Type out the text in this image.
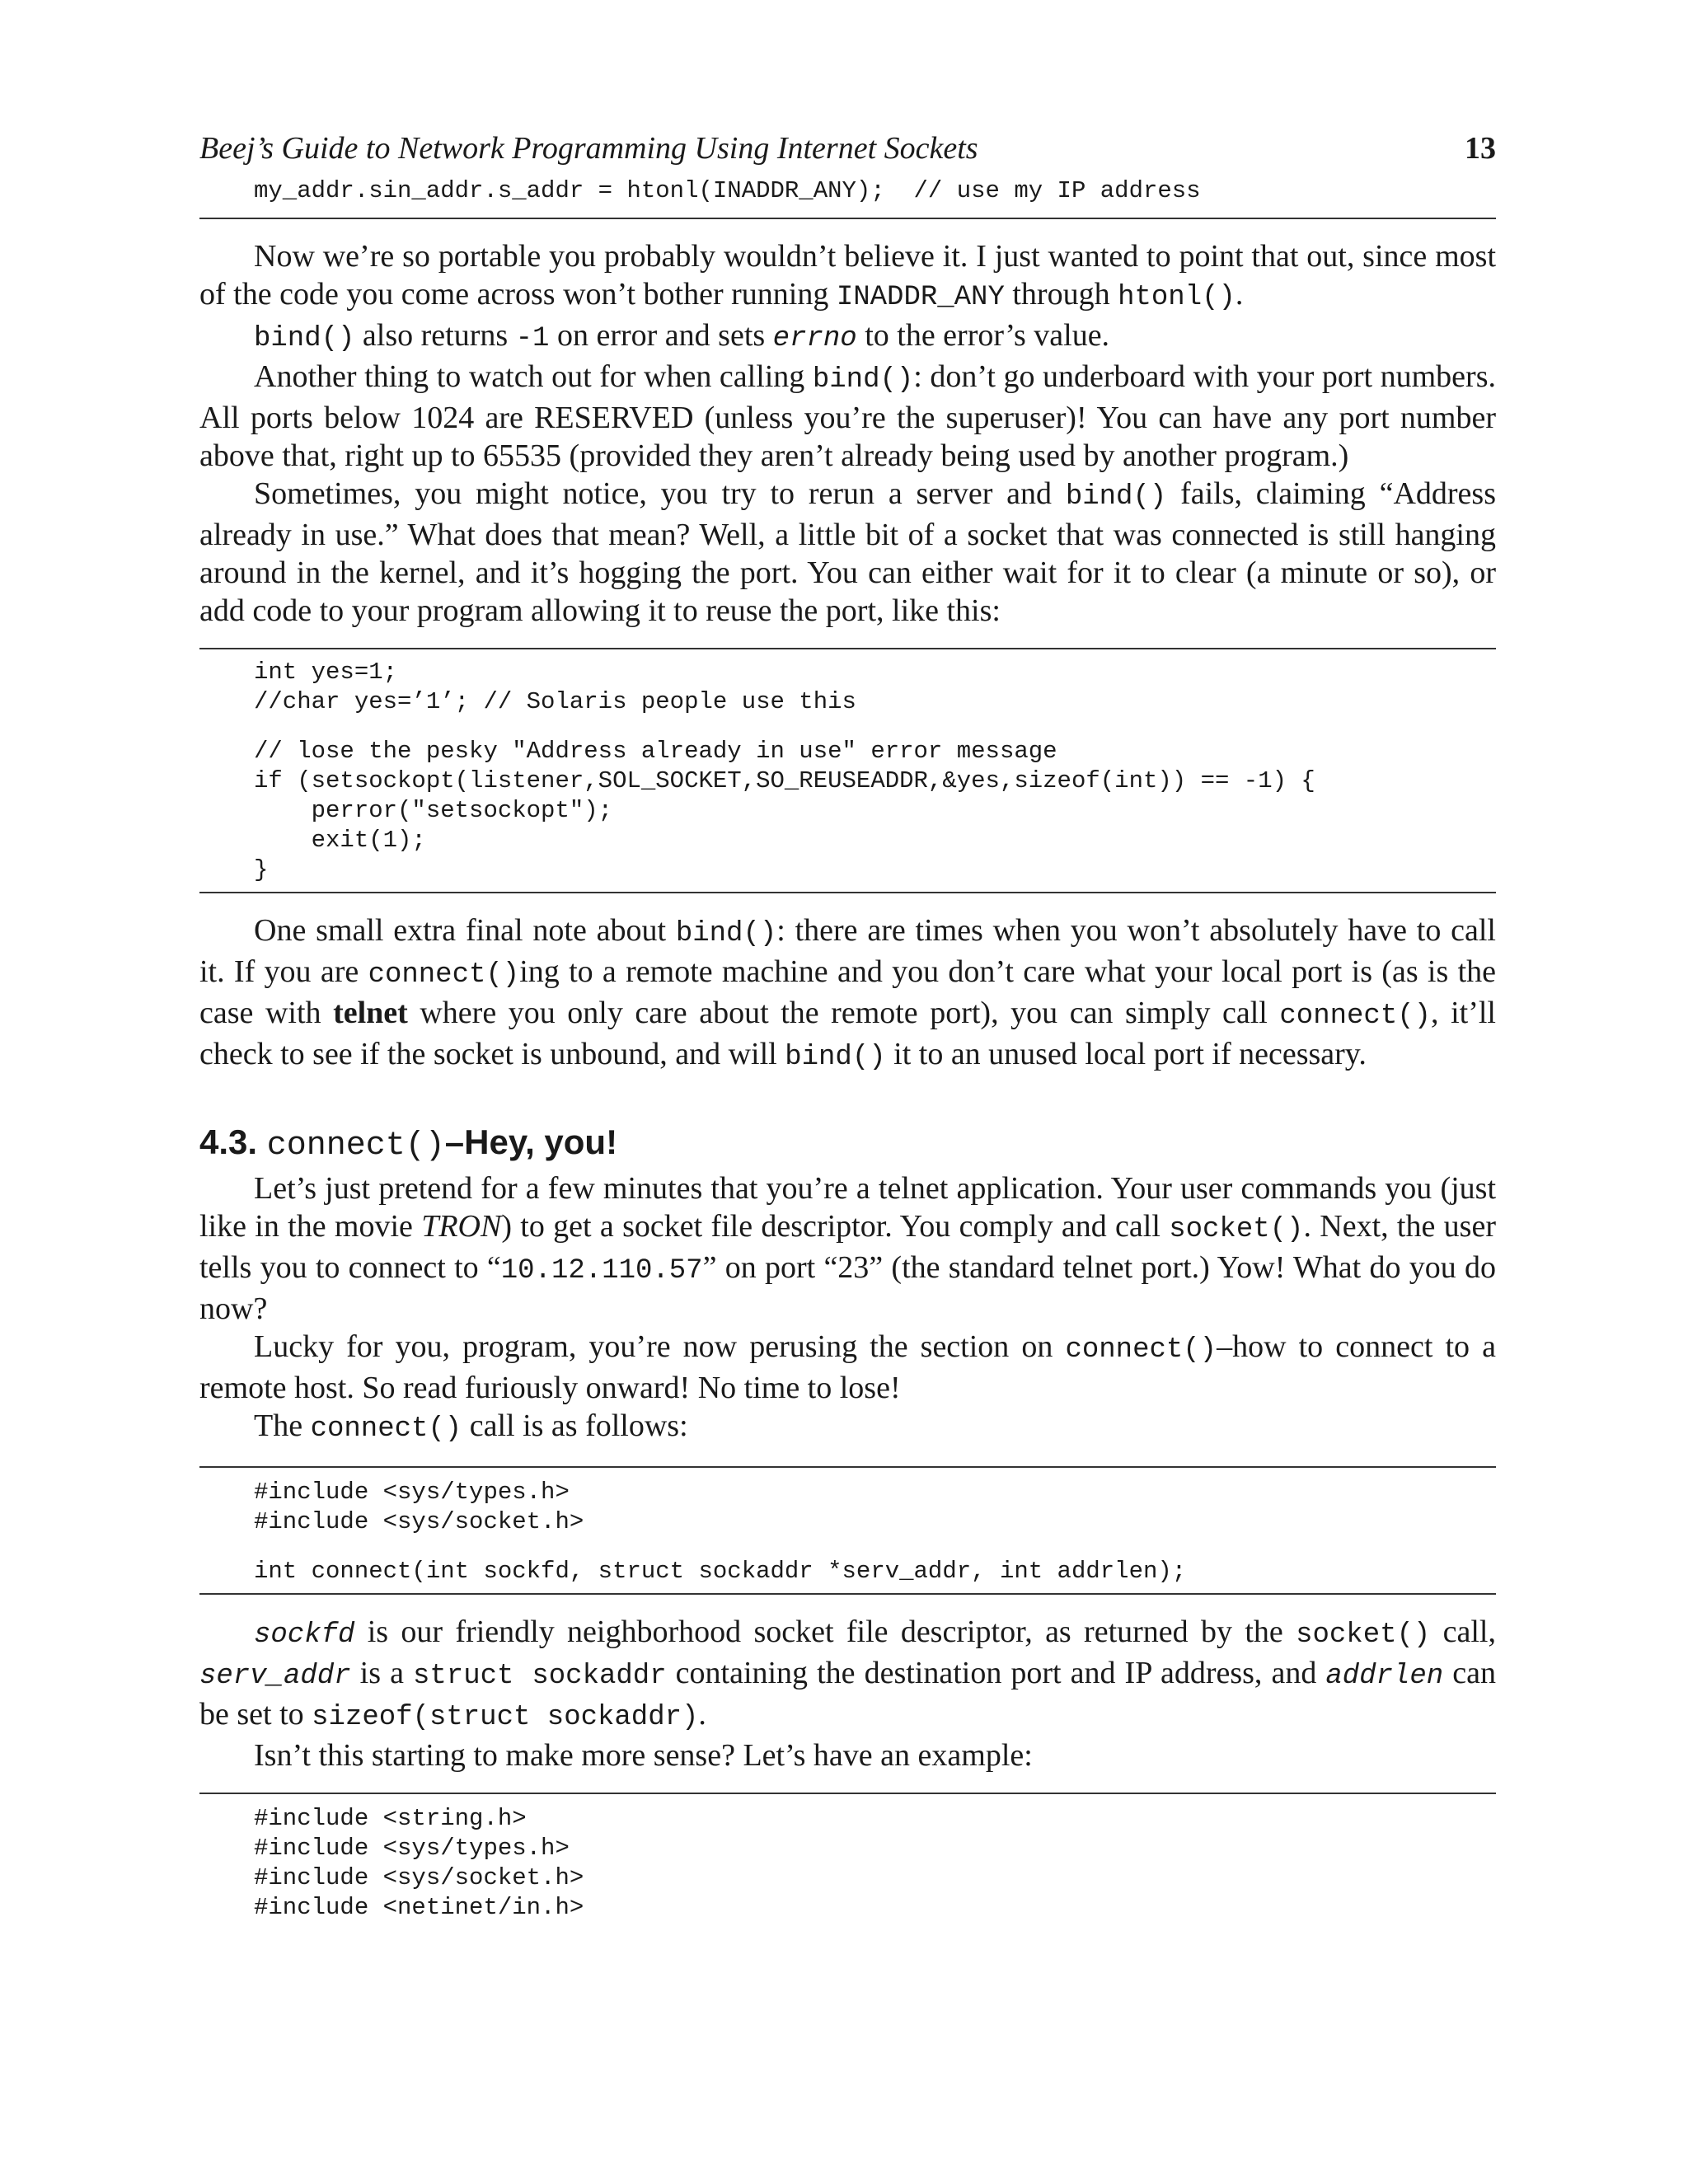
Beej’s Guide to Network Programming Using Internet Sockets	13
my_addr.sin_addr.s_addr = htonl(INADDR_ANY);  // use my IP address

Now we’re so portable you probably wouldn’t believe it. I just wanted to point that out, since most of the code you come across won’t bother running INADDR_ANY through htonl().

bind() also returns -1 on error and sets errno to the error’s value.

Another thing to watch out for when calling bind(): don’t go underboard with your port numbers. All ports below 1024 are RESERVED (unless you’re the superuser)! You can have any port number above that, right up to 65535 (provided they aren’t already being used by another program.)

Sometimes, you might notice, you try to rerun a server and bind() fails, claiming “Address already in use.” What does that mean? Well, a little bit of a socket that was connected is still hanging around in the kernel, and it’s hogging the port. You can either wait for it to clear (a minute or so), or add code to your program allowing it to reuse the port, like this:

int yes=1;
//char yes=’1’; // Solaris people use this
// lose the pesky "Address already in use" error message
if (setsockopt(listener,SOL_SOCKET,SO_REUSEADDR,&yes,sizeof(int)) == -1) {
perror("setsockopt");
exit(1);
}

One small extra final note about bind(): there are times when you won’t absolutely have to call it. If you are connect()ing to a remote machine and you don’t care what your local port is (as is the case with telnet where you only care about the remote port), you can simply call connect(), it’ll check to see if the socket is unbound, and will bind() it to an unused local port if necessary.

4.3. connect()–Hey, you!

Let’s just pretend for a few minutes that you’re a telnet application. Your user commands you (just like in the movie TRON) to get a socket file descriptor. You comply and call socket(). Next, the user tells you to connect to “10.12.110.57” on port “23” (the standard telnet port.) Yow! What do you do now?

Lucky for you, program, you’re now perusing the section on connect()–how to connect to a remote host. So read furiously onward! No time to lose!

The connect() call is as follows:

#include <sys/types.h>
#include <sys/socket.h>
int connect(int sockfd, struct sockaddr *serv_addr, int addrlen);

sockfd is our friendly neighborhood socket file descriptor, as returned by the socket() call, serv_addr is a struct sockaddr containing the destination port and IP address, and addrlen can be set to sizeof(struct sockaddr).

Isn’t this starting to make more sense? Let’s have an example:

#include <string.h>
#include <sys/types.h>
#include <sys/socket.h>
#include <netinet/in.h>
